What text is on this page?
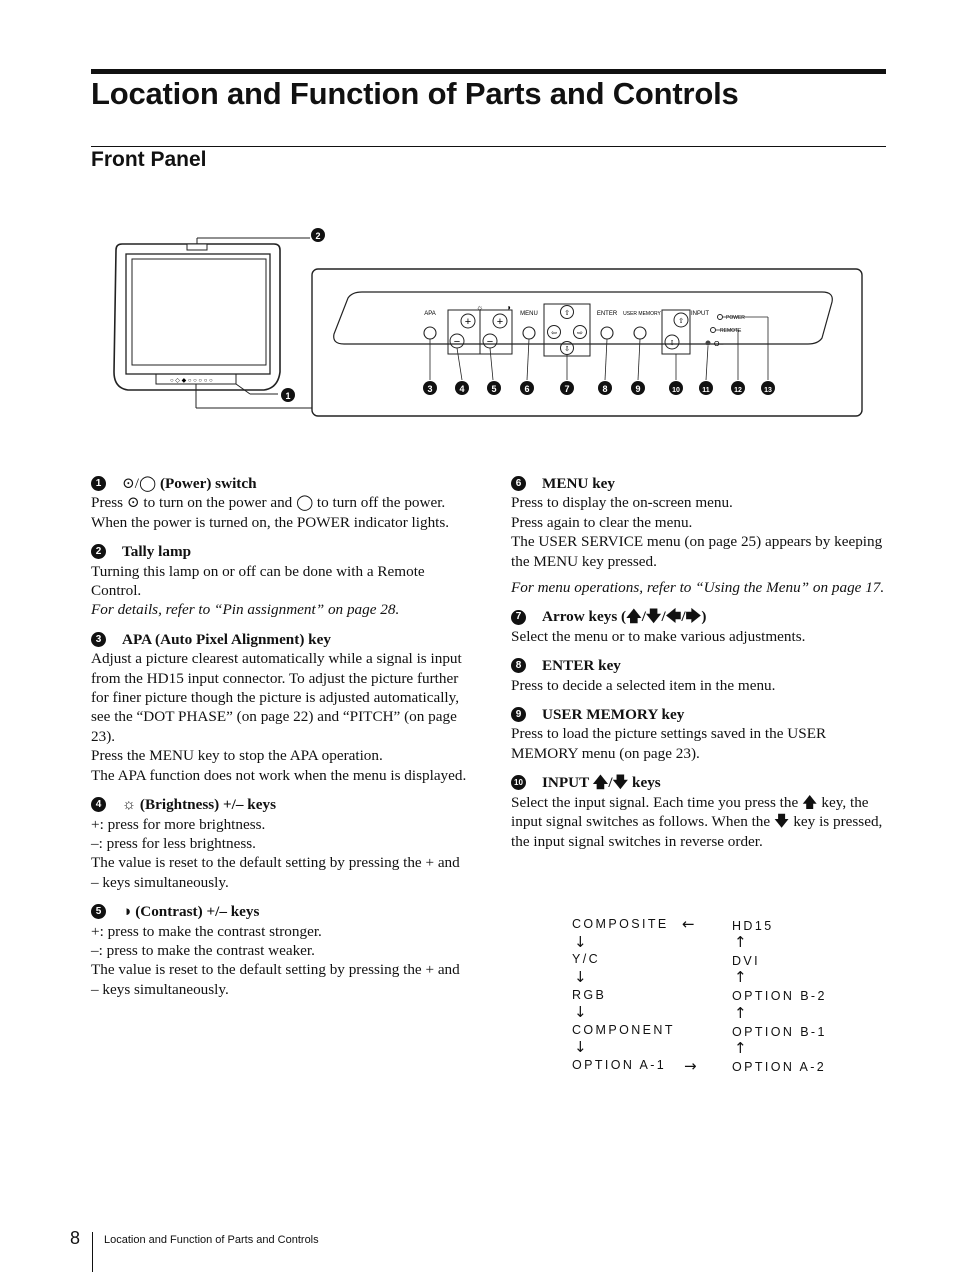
Location and Function of Parts and Controls
Front Panel
○ ◇ ◆ ○ ○ ○ ○ ○
2
1
APA	MENU	ENTER USER MEMORY	INPUT
POWER
REMOTE
☼
+
−
◑
+
−
⇧
⇦	⇨
⇩
⇧
⇩	O‒
3	4	5	6	7	8	9	10	11	12	13
1	⊙/◯ (Power) switch

Press ⊙ to turn on the power and ◯ to turn off the power. When the power is turned on, the POWER indicator lights.

2	Tally lamp

Turning this lamp on or off can be done with a Remote Control.

For details, refer to “Pin assignment” on page 28.

3	APA (Auto Pixel Alignment) key

Adjust a picture clearest automatically while a signal is input from the HD15 input connector. To adjust the picture further for finer picture though the picture is adjusted automatically, see the “DOT PHASE” (on page 22) and “PITCH” (on page 23).

Press the MENU key to stop the APA operation.

The APA function does not work when the menu is displayed.

4	☼ (Brightness) +/– keys

+: press for more brightness.

–: press for less brightness.

The value is reset to the default setting by pressing the + and – keys simultaneously.

5	◑ (Contrast) +/– keys

+: press to make the contrast stronger.

–: press to make the contrast weaker.

The value is reset to the default setting by pressing the + and – keys simultaneously.

6	MENU key

Press to display the on-screen menu.

Press again to clear the menu.

The USER SERVICE menu (on page 25) appears by keeping the MENU key pressed.

For menu operations, refer to “Using the Menu” on page 17.

7	Arrow keys (🡅/🡇/🡄/🡆)

Select the menu or to make various adjustments.

8	ENTER key

Press to decide a selected item in the menu.

9	USER MEMORY key

Press to load the picture settings saved in the USER MEMORY menu (on page 23).

10 INPUT 🡅/🡇 keys

Select the input signal. Each time you press the 🡅 key, the input signal switches as follows. When the 🡇 key is pressed, the input signal switches in reverse order.

COMPOSITE
Y/C
RGB
COMPONENT
OPTION A-1
HD15
DVI
OPTION B-2
OPTION B-1
OPTION A-2
↓
↓
↓
↓
↑
↑
↑
↑
←
→
8 Location and Function of Parts and Controls
